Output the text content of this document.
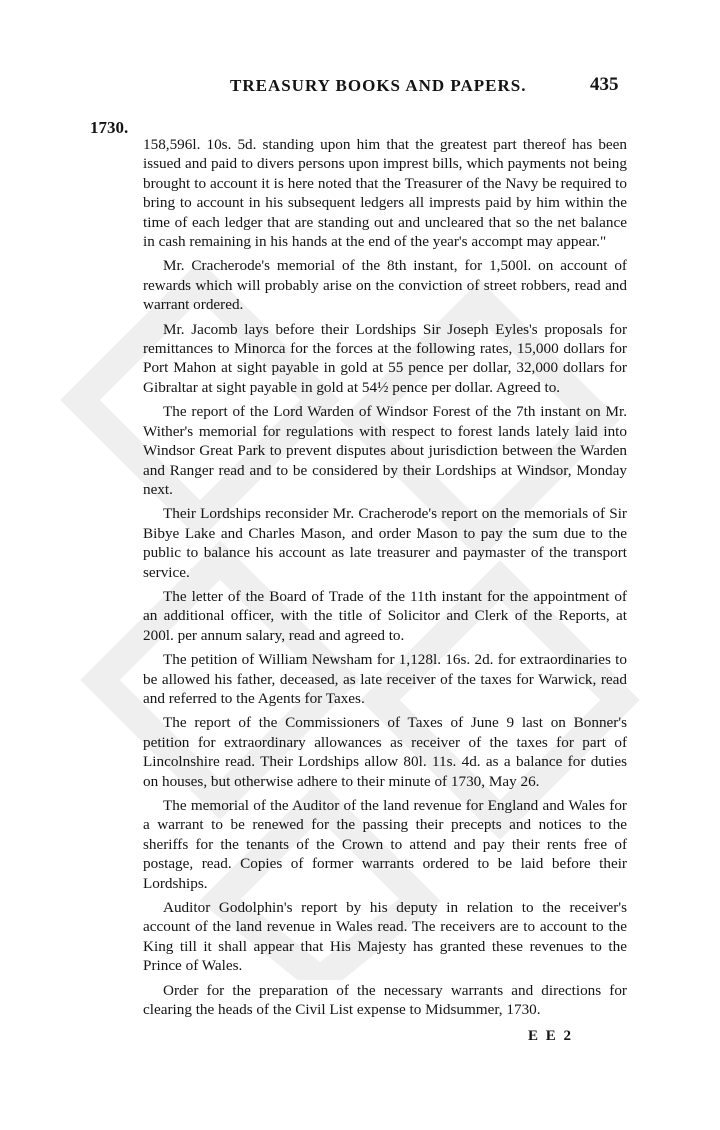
TREASURY BOOKS AND PAPERS.	435
1730.

158,596l. 10s. 5d. standing upon him that the greatest part thereof has been issued and paid to divers persons upon imprest bills, which payments not being brought to account it is here noted that the Treasurer of the Navy be required to bring to account in his subsequent ledgers all imprests paid by him within the time of each ledger that are standing out and uncleared that so the net balance in cash remaining in his hands at the end of the year's accompt may appear."

Mr. Cracherode's memorial of the 8th instant, for 1,500l. on account of rewards which will probably arise on the conviction of street robbers, read and warrant ordered.

Mr. Jacomb lays before their Lordships Sir Joseph Eyles's proposals for remittances to Minorca for the forces at the following rates, 15,000 dollars for Port Mahon at sight payable in gold at 55 pence per dollar, 32,000 dollars for Gibraltar at sight payable in gold at 54½ pence per dollar. Agreed to.

The report of the Lord Warden of Windsor Forest of the 7th instant on Mr. Wither's memorial for regulations with respect to forest lands lately laid into Windsor Great Park to prevent disputes about jurisdiction between the Warden and Ranger read and to be considered by their Lordships at Windsor, Monday next.

Their Lordships reconsider Mr. Cracherode's report on the memorials of Sir Bibye Lake and Charles Mason, and order Mason to pay the sum due to the public to balance his account as late treasurer and paymaster of the transport service.

The letter of the Board of Trade of the 11th instant for the appointment of an additional officer, with the title of Solicitor and Clerk of the Reports, at 200l. per annum salary, read and agreed to.

The petition of William Newsham for 1,128l. 16s. 2d. for extraordinaries to be allowed his father, deceased, as late receiver of the taxes for Warwick, read and referred to the Agents for Taxes.

The report of the Commissioners of Taxes of June 9 last on Bonner's petition for extraordinary allowances as receiver of the taxes for part of Lincolnshire read. Their Lordships allow 80l. 11s. 4d. as a balance for duties on houses, but otherwise adhere to their minute of 1730, May 26.

The memorial of the Auditor of the land revenue for England and Wales for a warrant to be renewed for the passing their precepts and notices to the sheriffs for the tenants of the Crown to attend and pay their rents free of postage, read. Copies of former warrants ordered to be laid before their Lordships.

Auditor Godolphin's report by his deputy in relation to the receiver's account of the land revenue in Wales read. The receivers are to account to the King till it shall appear that His Majesty has granted these revenues to the Prince of Wales.

Order for the preparation of the necessary warrants and directions for clearing the heads of the Civil List expense to Midsummer, 1730.

E E 2
